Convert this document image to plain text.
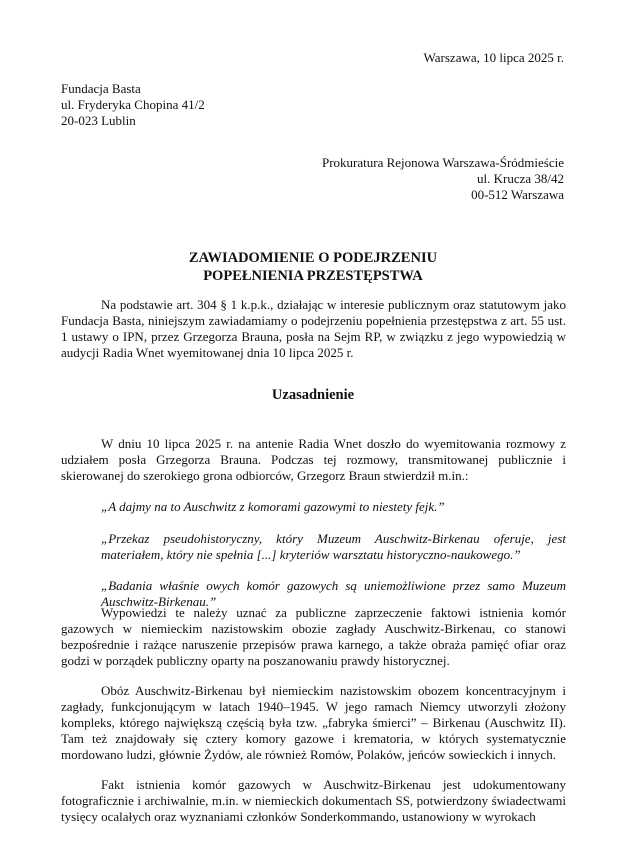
Warszawa, 10 lipca 2025 r.
Fundacja Basta
ul. Fryderyka Chopina 41/2
20-023 Lublin
Prokuratura Rejonowa Warszawa-Śródmieście
ul. Krucza 38/42
00-512 Warszawa
ZAWIADOMIENIE O PODEJRZENIU
POPEŁNIENIA PRZESTĘPSTWA

Na podstawie art. 304 § 1 k.p.k., działając w interesie publicznym oraz statutowym jako Fundacja Basta, niniejszym zawiadamiamy o podejrzeniu popełnienia przestępstwa z art. 55 ust. 1 ustawy o IPN, przez Grzegorza Brauna, posła na Sejm RP, w związku z jego wypowiedzią w audycji Radia Wnet wyemitowanej dnia 10 lipca 2025 r.

Uzasadnienie

W dniu 10 lipca 2025 r. na antenie Radia Wnet doszło do wyemitowania rozmowy z udziałem posła Grzegorza Brauna. Podczas tej rozmowy, transmitowanej publicznie i skierowanej do szerokiego grona odbiorców, Grzegorz Braun stwierdził m.in.:

„A dajmy na to Auschwitz z komorami gazowymi to niestety fejk.”

„Przekaz pseudohistoryczny, który Muzeum Auschwitz-Birkenau oferuje, jest materiałem, który nie spełnia [...] kryteriów warsztatu historyczno-naukowego.”

„Badania właśnie owych komór gazowych są uniemożliwione przez samo Muzeum Auschwitz-Birkenau.”

Wypowiedzi te należy uznać za publiczne zaprzeczenie faktowi istnienia komór gazowych w niemieckim nazistowskim obozie zagłady Auschwitz-Birkenau, co stanowi bezpośrednie i rażące naruszenie przepisów prawa karnego, a także obraża pamięć ofiar oraz godzi w porządek publiczny oparty na poszanowaniu prawdy historycznej.

Obóz Auschwitz-Birkenau był niemieckim nazistowskim obozem koncentracyjnym i zagłady, funkcjonującym w latach 1940–1945. W jego ramach Niemcy utworzyli złożony kompleks, którego największą częścią była tzw. „fabryka śmierci” – Birkenau (Auschwitz II). Tam też znajdowały się cztery komory gazowe i krematoria, w których systematycznie mordowano ludzi, głównie Żydów, ale również Romów, Polaków, jeńców sowieckich i innych.

Fakt istnienia komór gazowych w Auschwitz-Birkenau jest udokumentowany fotograficznie i archiwalnie, m.in. w niemieckich dokumentach SS, potwierdzony świadectwami tysięcy ocalałych oraz wyznaniami członków Sonderkommando, ustanowiony w wyrokach
